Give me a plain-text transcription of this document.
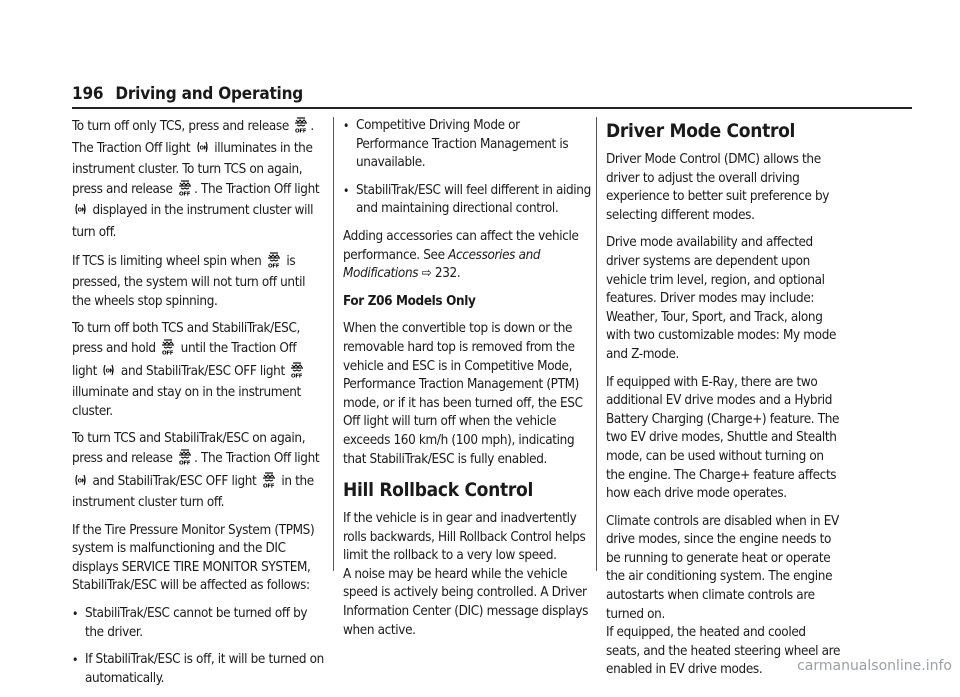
196 Driving and Operating

To turn off only TCS, press and release OFF . The Traction Off light ON illuminates in the instrument cluster. To turn TCS on again, press and release OFF . The Traction Off light
ON displayed in the instrument cluster will turn off.

If TCS is limiting wheel spin when OFF is pressed, the system will not turn off until the wheels stop spinning.

To turn off both TCS and StabiliTrak/ESC, press and hold OFF until the Traction Off light ON and StabiliTrak/ESC OFF light OFF
illuminate and stay on in the instrument cluster.

To turn TCS and StabiliTrak/ESC on again, press and release OFF . The Traction Off light
ON and StabiliTrak/ESC OFF light OFF in the instrument cluster turn off.

If the Tire Pressure Monitor System (TPMS) system is malfunctioning and the DIC displays SERVICE TIRE MONITOR SYSTEM, StabiliTrak/ESC will be affected as follows:

• StabiliTrak/ESC cannot be turned off by the driver.
• If StabiliTrak/ESC is off, it will be turned on automatically.
• Competitive Driving Mode or Performance Traction Management is unavailable.
• StabiliTrak/ESC will feel different in aiding and maintaining directional control.

Adding accessories can affect the vehicle performance. See Accessories and Modifications ⇨ 232.

For Z06 Models Only

When the convertible top is down or the removable hard top is removed from the vehicle and ESC is in Competitive Mode, Performance Traction Management (PTM) mode, or if it has been turned off, the ESC Off light will turn off when the vehicle exceeds 160 km/h (100 mph), indicating that StabiliTrak/ESC is fully enabled.

Hill Rollback Control

If the vehicle is in gear and inadvertently rolls backwards, Hill Rollback Control helps limit the rollback to a very low speed.

A noise may be heard while the vehicle speed is actively being controlled. A Driver Information Center (DIC) message displays when active.

Driver Mode Control

Driver Mode Control (DMC) allows the driver to adjust the overall driving experience to better suit preference by selecting different modes.

Drive mode availability and affected driver systems are dependent upon vehicle trim level, region, and optional features. Driver modes may include: Weather, Tour, Sport, and Track, along with two customizable modes: My mode and Z-mode.

If equipped with E-Ray, there are two additional EV drive modes and a Hybrid Battery Charging (Charge+) feature. The two EV drive modes, Shuttle and Stealth mode, can be used without turning on the engine. The Charge+ feature affects how each drive mode operates.

Climate controls are disabled when in EV drive modes, since the engine needs to be running to generate heat or operate the air conditioning system. The engine autostarts when climate controls are turned on.

If equipped, the heated and cooled seats, and the heated steering wheel are enabled in EV drive modes.	carmanualsonline.info
